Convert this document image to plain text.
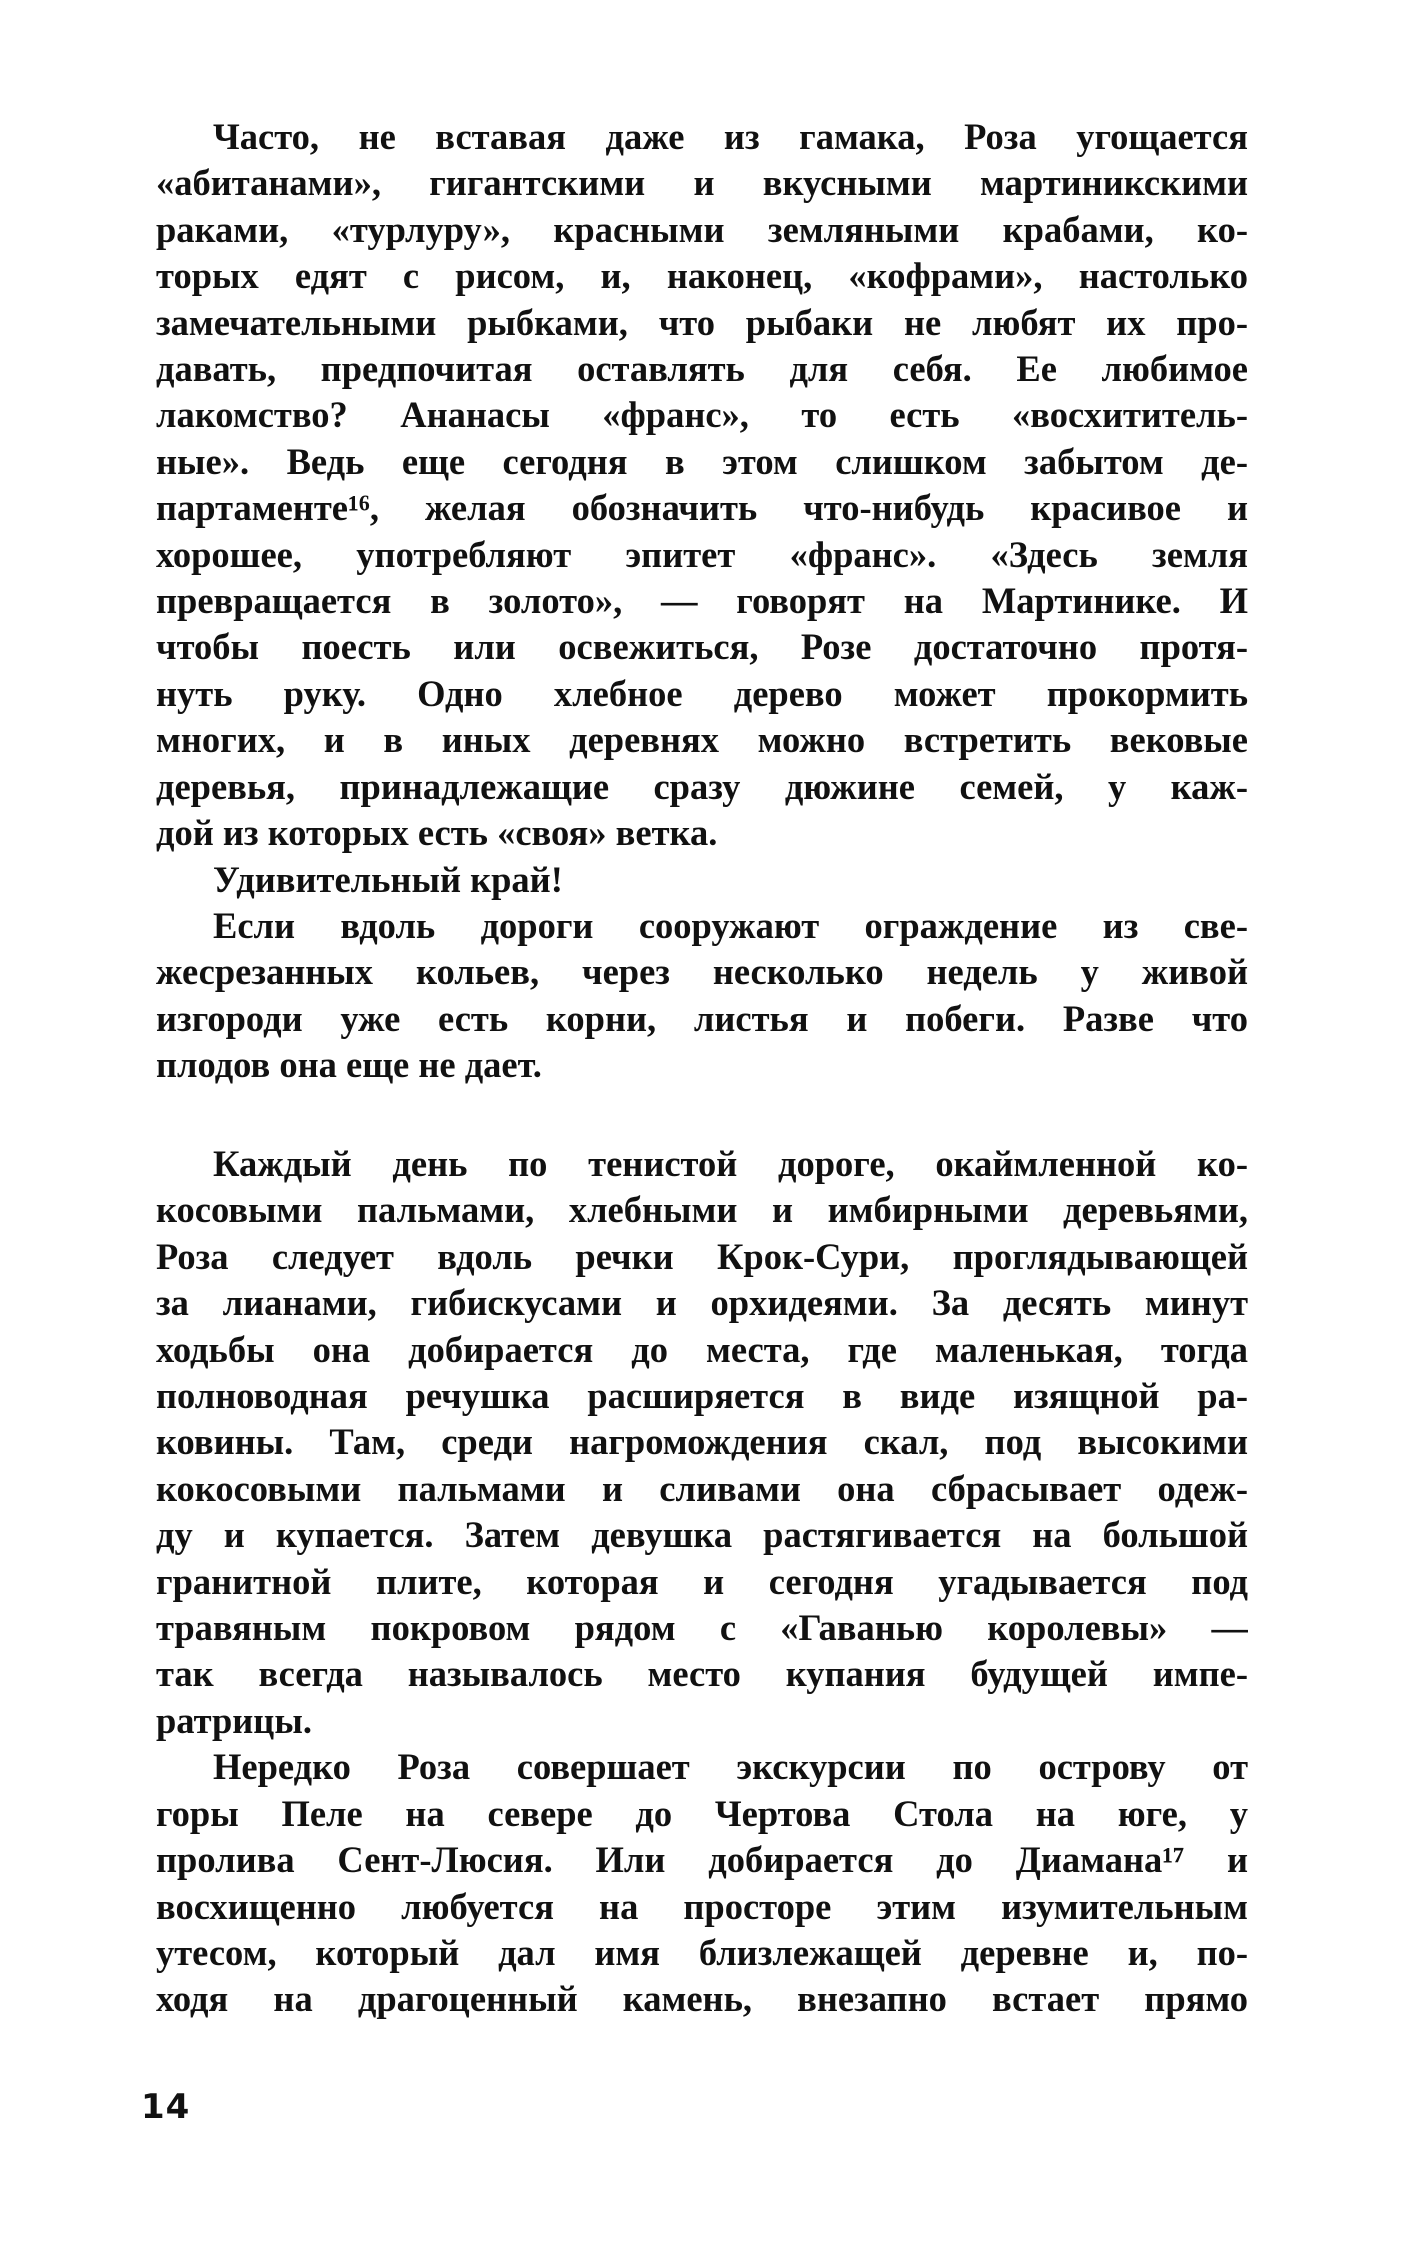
Часто, не вставая даже из гамака, Роза угощается
«абитанами», гигантскими и вкусными мартиникскими
раками, «турлуру», красными земляными крабами, ко-
торых едят с рисом, и, наконец, «кофрами», настолько
замечательными рыбками, что рыбаки не любят их про-
давать, предпочитая оставлять для себя. Ее любимое
лакомство? Ананасы «франс», то есть «восхититель-
ные». Ведь еще сегодня в этом слишком забытом де-
партаменте¹⁶, желая обозначить что-нибудь красивое и
хорошее, употребляют эпитет «франс». «Здесь земля
превращается в золото», — говорят на Мартинике. И
чтобы поесть или освежиться, Розе достаточно протя-
нуть руку. Одно хлебное дерево может прокормить
многих, и в иных деревнях можно встретить вековые
деревья, принадлежащие сразу дюжине семей, у каж-
дой из которых есть «своя» ветка.
Удивительный край!
Если вдоль дороги сооружают ограждение из све-
жесрезанных кольев, через несколько недель у живой
изгороди уже есть корни, листья и побеги. Разве что
плодов она еще не дает.
Каждый день по тенистой дороге, окаймленной ко-
косовыми пальмами, хлебными и имбирными деревьями,
Роза следует вдоль речки Крок-Сури, проглядывающей
за лианами, гибискусами и орхидеями. За десять минут
ходьбы она добирается до места, где маленькая, тогда
полноводная речушка расширяется в виде изящной ра-
ковины. Там, среди нагромождения скал, под высокими
кокосовыми пальмами и сливами она сбрасывает одеж-
ду и купается. Затем девушка растягивается на большой
гранитной плите, которая и сегодня угадывается под
травяным покровом рядом с «Гаванью королевы» —
так всегда называлось место купания будущей импе-
ратрицы.
Нередко Роза совершает экскурсии по острову от
горы Пеле на севере до Чертова Стола на юге, у
пролива Сент-Люсия. Или добирается до Диамана¹⁷ и
восхищенно любуется на просторе этим изумительным
утесом, который дал имя близлежащей деревне и, по-
ходя на драгоценный камень, внезапно встает прямо
14
